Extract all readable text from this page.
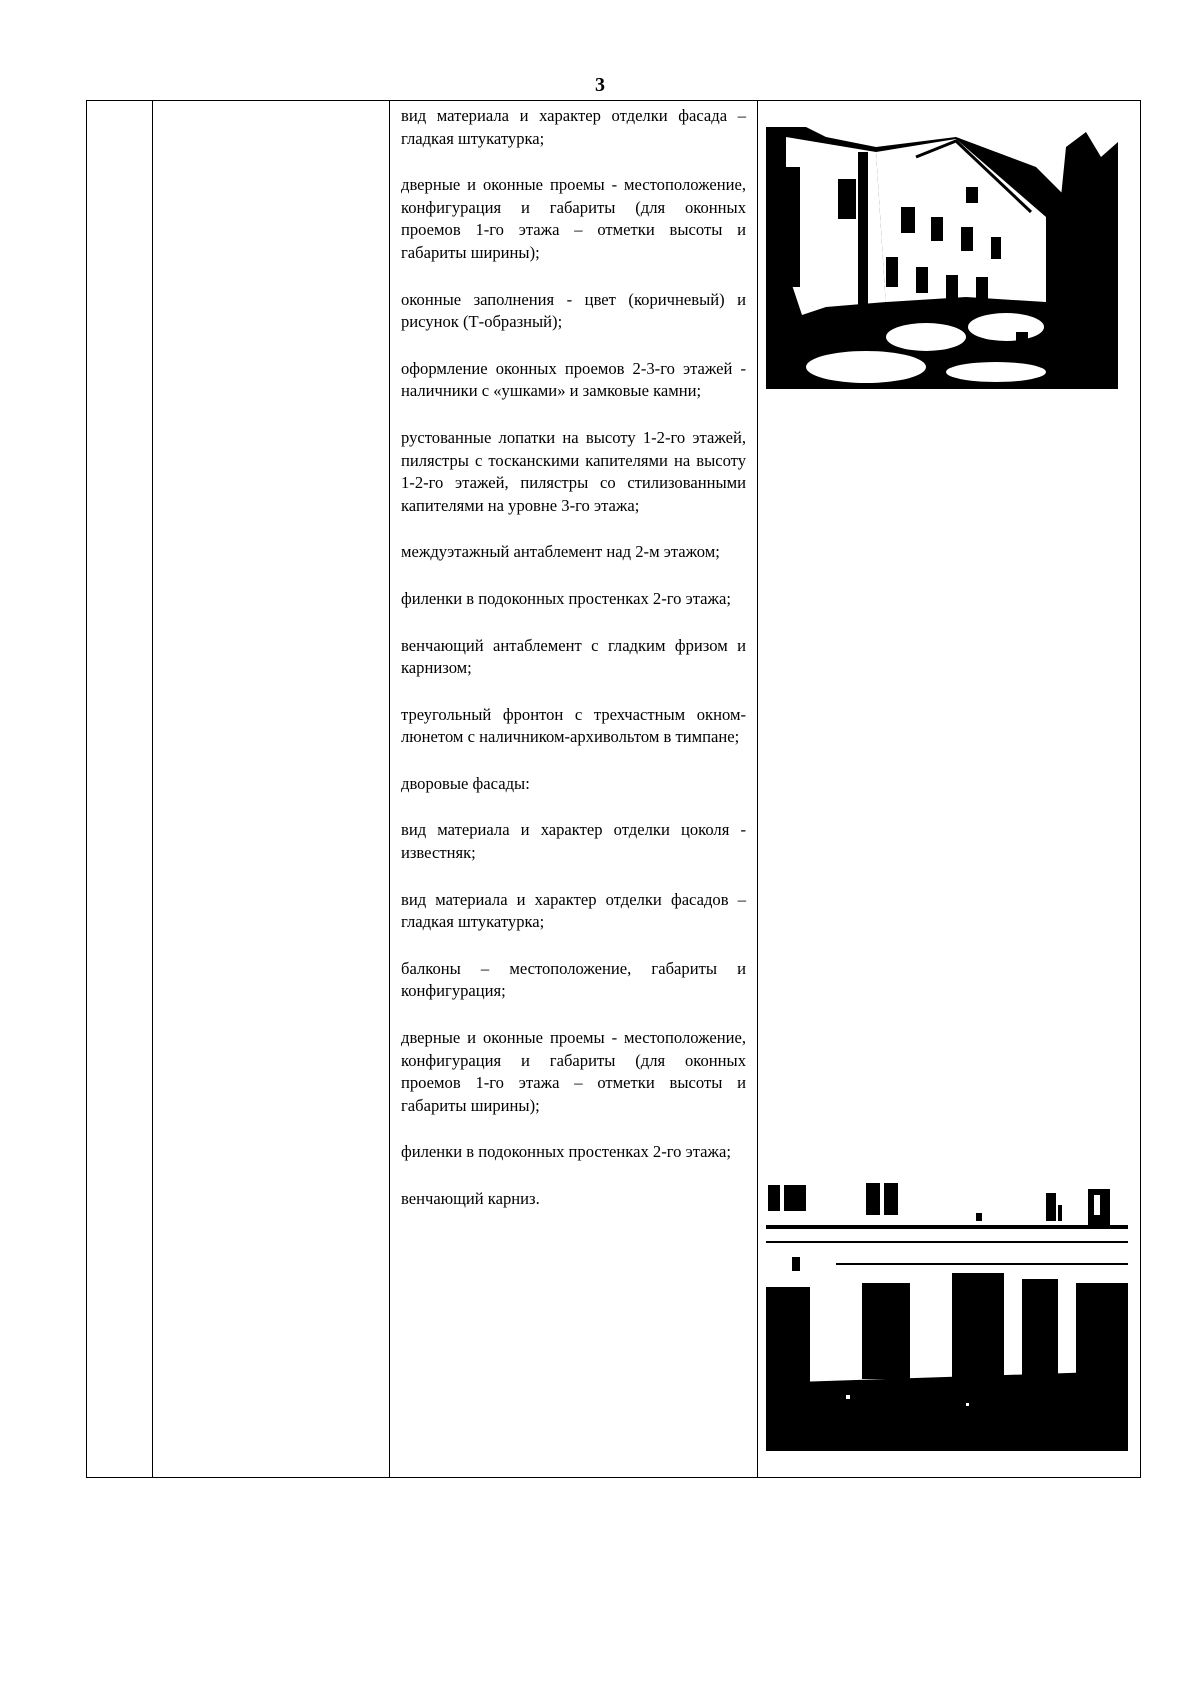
3

вид материала и характер отделки фасада – гладкая штукатурка;

дверные и оконные проемы - местоположение, конфигурация и габариты (для оконных проемов 1-го этажа – отметки высоты и габариты ширины);

оконные заполнения - цвет (коричневый) и рисунок (Т-образный);

оформление оконных проемов 2-3-го этажей - наличники с «ушками» и замковые камни;

рустованные лопатки на высоту 1-2-го этажей, пилястры с тосканскими капителями на высоту 1-2-го этажей, пилястры со стилизованными капителями на уровне 3-го этажа;

междуэтажный антаблемент над 2-м этажом;

филенки в подоконных простенках 2-го этажа;

венчающий антаблемент с гладким фризом и карнизом;

треугольный фронтон с трехчастным окном-люнетом с наличником-архивольтом в тимпане;

дворовые фасады:

вид материала и характер отделки цоколя - известняк;

вид материала и характер отделки фасадов – гладкая штукатурка;

балконы – местоположение, габариты и конфигурация;

дверные и оконные проемы - местоположение, конфигурация и габариты (для оконных проемов 1-го этажа – отметки высоты и габариты ширины);

филенки в подоконных простенках 2-го этажа;

венчающий карниз.
